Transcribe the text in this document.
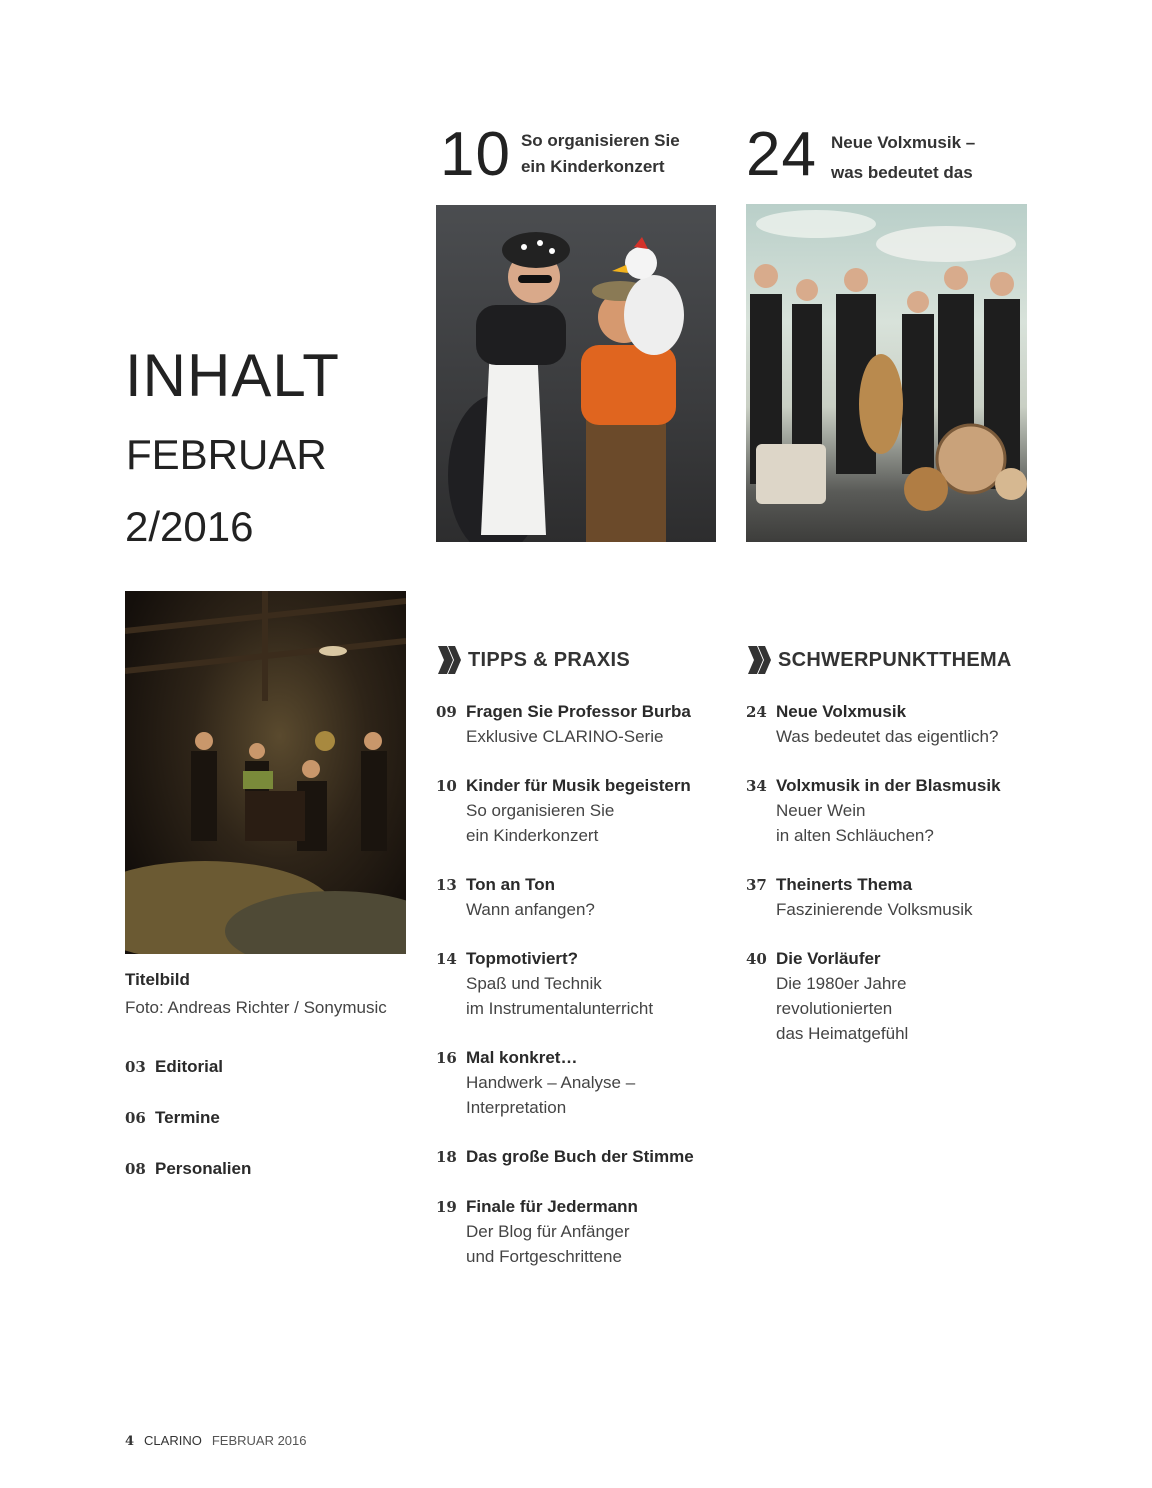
10 So organisieren Sie
ein Kinderkonzert 24 Neue Volxmusik –
was bedeutet das
INHALT
FEBRUAR
2/2016
Titelbild
Foto: Andreas Richter / Sonymusic
03 Editorial
06 Termine
08 Personalien
TIPPS & PRAXIS	SCHWERPUNKTTHEMA
09 Fragen Sie Professor Burba
Exklusive CLARINO-Serie
10 Kinder für Musik begeistern
So organisieren Sie
ein Kinderkonzert
13 Ton an Ton
Wann anfangen?
14 Topmotiviert?
Spaß und Technik
im Instrumentalunterricht
16 Mal konkret…
Handwerk – Analyse –
Interpretation
18 Das große Buch der Stimme
19 Finale für Jedermann
Der Blog für Anfänger
und Fortgeschrittene
24 Neue Volxmusik
Was bedeutet das eigentlich?
34 Volxmusik in der Blasmusik
Neuer Wein
in alten Schläuchen?
37 Theinerts Thema
Faszinierende Volksmusik
40 Die Vorläufer
Die 1980er Jahre
revolutionierten
das Heimatgefühl
4 CLARINO FEBRUAR 2016
